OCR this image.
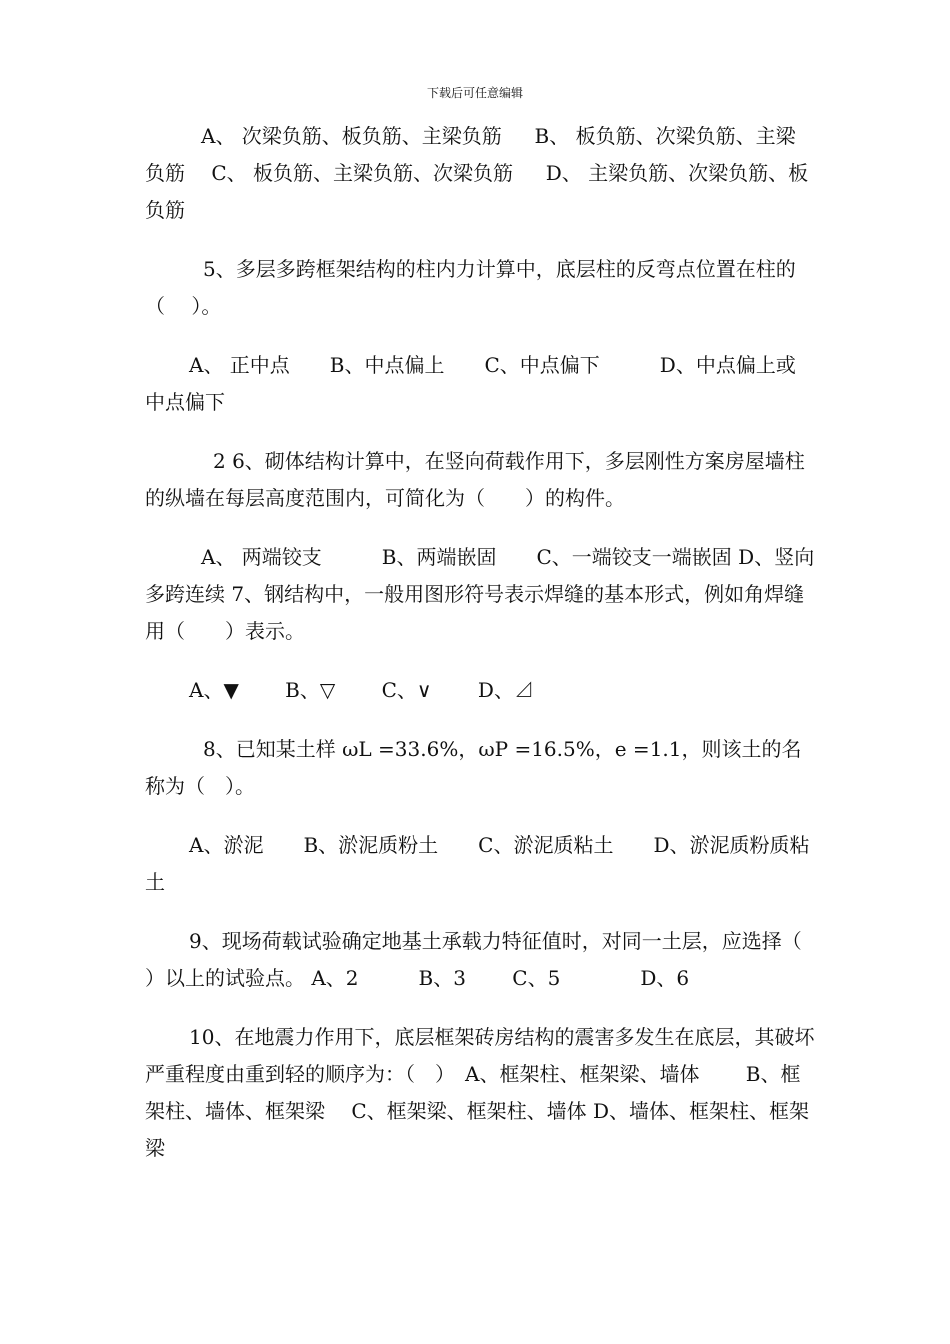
下载后可任意编辑

A、 次梁负筋、板负筋、主梁负筋 　 B、 板负筋、次梁负筋、主梁负筋 　C、 板负筋、主梁负筋、次梁负筋 　 D、 主梁负筋、次梁负筋、板负筋

5、多层多跨框架结构的柱内力计算中，底层柱的反弯点位置在柱的（　 ）。

A、 正中点　　B、中点偏上　　C、中点偏下　　　D、中点偏上或中点偏下

2 6、砌体结构计算中，在竖向荷载作用下，多层刚性方案房屋墙柱的纵墙在每层高度范围内，可简化为（　　）的构件。

A、 两端铰支　　　B、两端嵌固　　C、一端铰支一端嵌固 D、竖向多跨连续 7、钢结构中，一般用图形符号表示焊缝的基本形式，例如角焊缝用（　　）表示。

A、▼　　 B、▽　　 C、∨　　 D、⊿

8、已知某土样 ωL =33.6%，ωP =16.5%，e =1.1，则该土的名称为（　）。

A、淤泥　　B、淤泥质粉土　　C、淤泥质粘土　　D、淤泥质粉质粘土

9、现场荷载试验确定地基土承载力特征值时，对同一土层，应选择（　 ）以上的试验点。 A、2　　　B、3　　 C、5　　　　D、6

10、在地震力作用下，底层框架砖房结构的震害多发生在底层，其破坏严重程度由重到轻的顺序为：（　）　A、框架柱、框架梁、墙体　　 B、框架柱、墙体、框架梁　 C、框架梁、框架柱、墙体 D、墙体、框架柱、框架梁
